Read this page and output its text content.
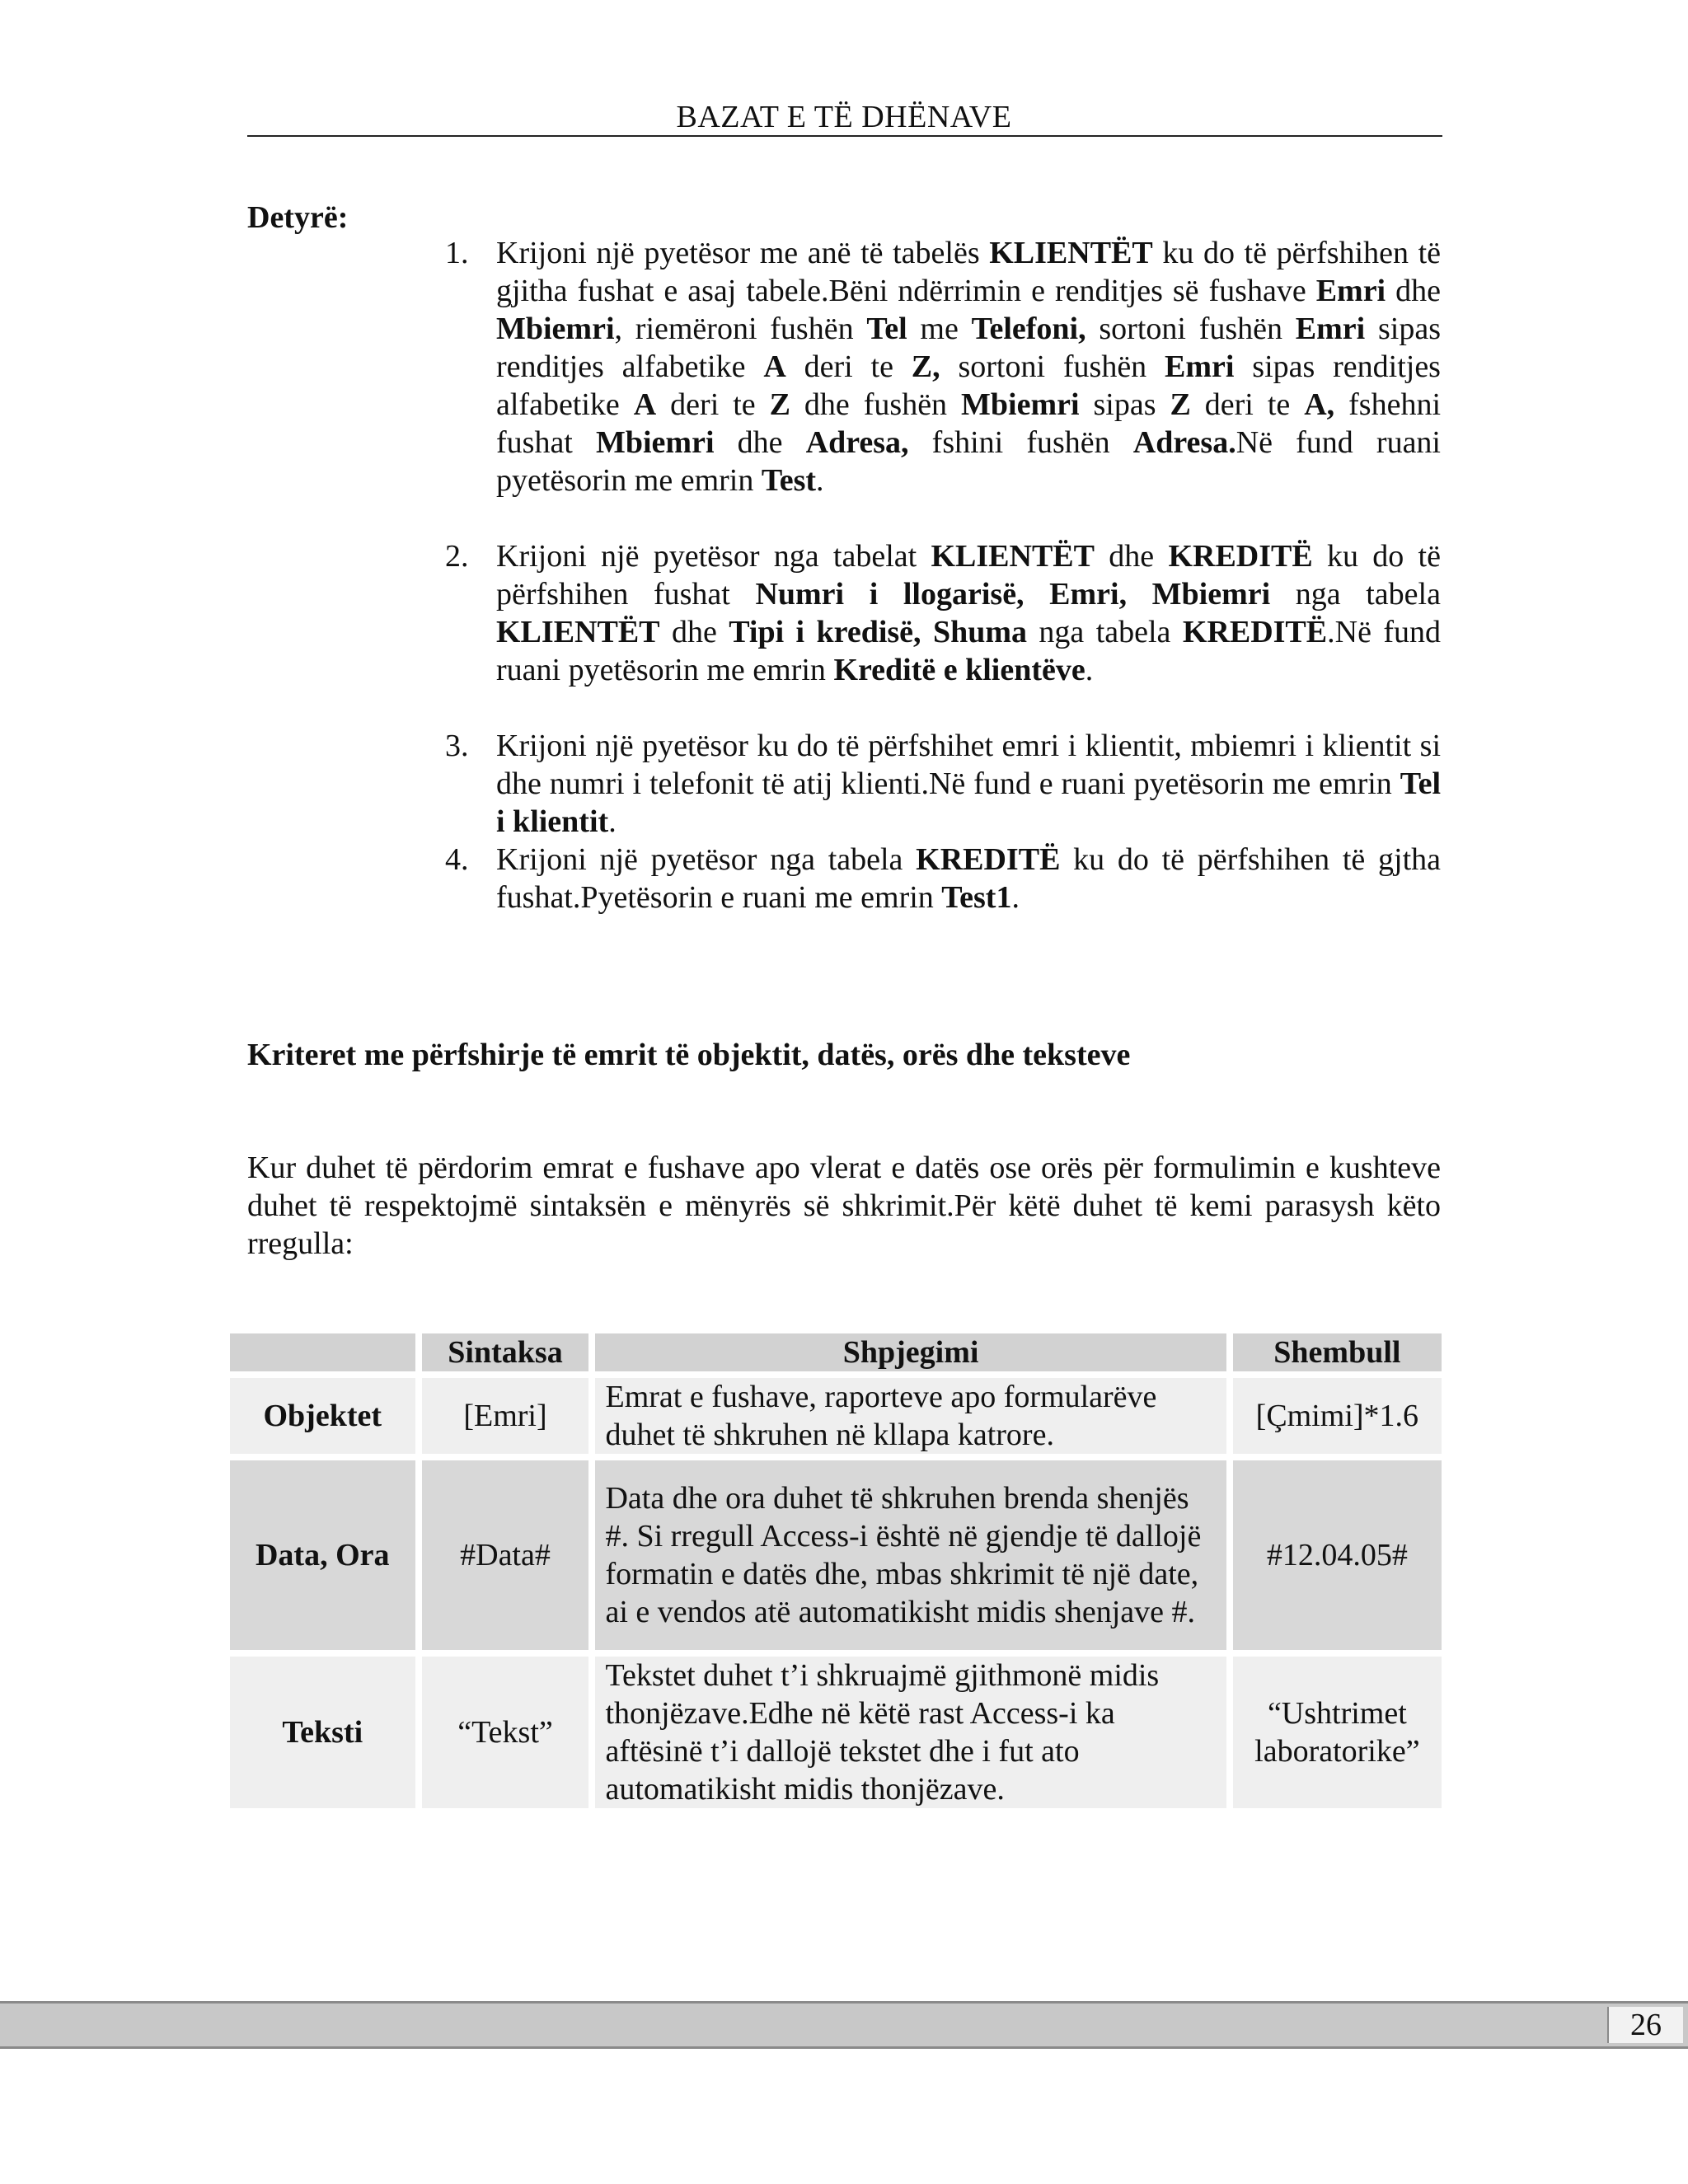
BAZAT E TË DHËNAVE
Detyrë:
1. Krijoni një pyetësor me anë të tabelës KLIENTËT ku do të përfshihen të gjitha fushat e asaj tabele.Bëni ndërrimin e renditjes së fushave Emri dhe Mbiemri, riemëroni fushën Tel me Telefoni, sortoni fushën Emri sipas renditjes alfabetike A deri te Z, sortoni fushën Emri sipas renditjes alfabetike A deri te Z dhe fushën Mbiemri sipas Z deri te A, fshehni fushat Mbiemri dhe Adresa, fshini fushën Adresa.Në fund ruani pyetësorin me emrin Test.
2. Krijoni një pyetësor nga tabelat KLIENTËT dhe KREDITË ku do të përfshihen fushat Numri i llogarisë, Emri, Mbiemri nga tabela KLIENTËT dhe Tipi i kredisë, Shuma nga tabela KREDITË.Në fund ruani pyetësorin me emrin Kreditë e klientëve.
3. Krijoni një pyetësor ku do të përfshihet emri i klientit, mbiemri i klientit si dhe numri i telefonit të atij klienti.Në fund e ruani pyetësorin me emrin Tel i klientit.
4. Krijoni një pyetësor nga tabela KREDITË ku do të përfshihen të gjtha fushat.Pyetësorin e ruani me emrin Test1.
Kriteret me përfshirje të emrit të objektit, datës, orës dhe teksteve
Kur duhet të përdorim emrat e fushave apo vlerat e datës ose orës për formulimin e kushteve duhet të respektojmë sintaksën e mënyrës së shkrimit.Për këtë duhet të kemi parasysh këto rregulla:
	Sintaksa	Shpjegimi	Shembull
Objektet	[Emri]	Emrat e fushave, raporteve apo formularëve duhet të shkruhen në kllapa katrore.	[Çmimi]*1.6
Data, Ora	#Data#	Data dhe ora duhet të shkruhen brenda shenjës #. Si rregull Access-i është në gjendje të dallojë formatin e datës dhe, mbas shkrimit të një date, ai e vendos atë automatikisht midis shenjave #.	#12.04.05#
Teksti	“Tekst”	Tekstet duhet t’i shkruajmë gjithmonë midis thonjëzave.Edhe në këtë rast Access-i ka aftësinë t’i dallojë tekstet dhe i fut ato automatikisht midis thonjëzave.	“Ushtrimet laboratorike”
26
